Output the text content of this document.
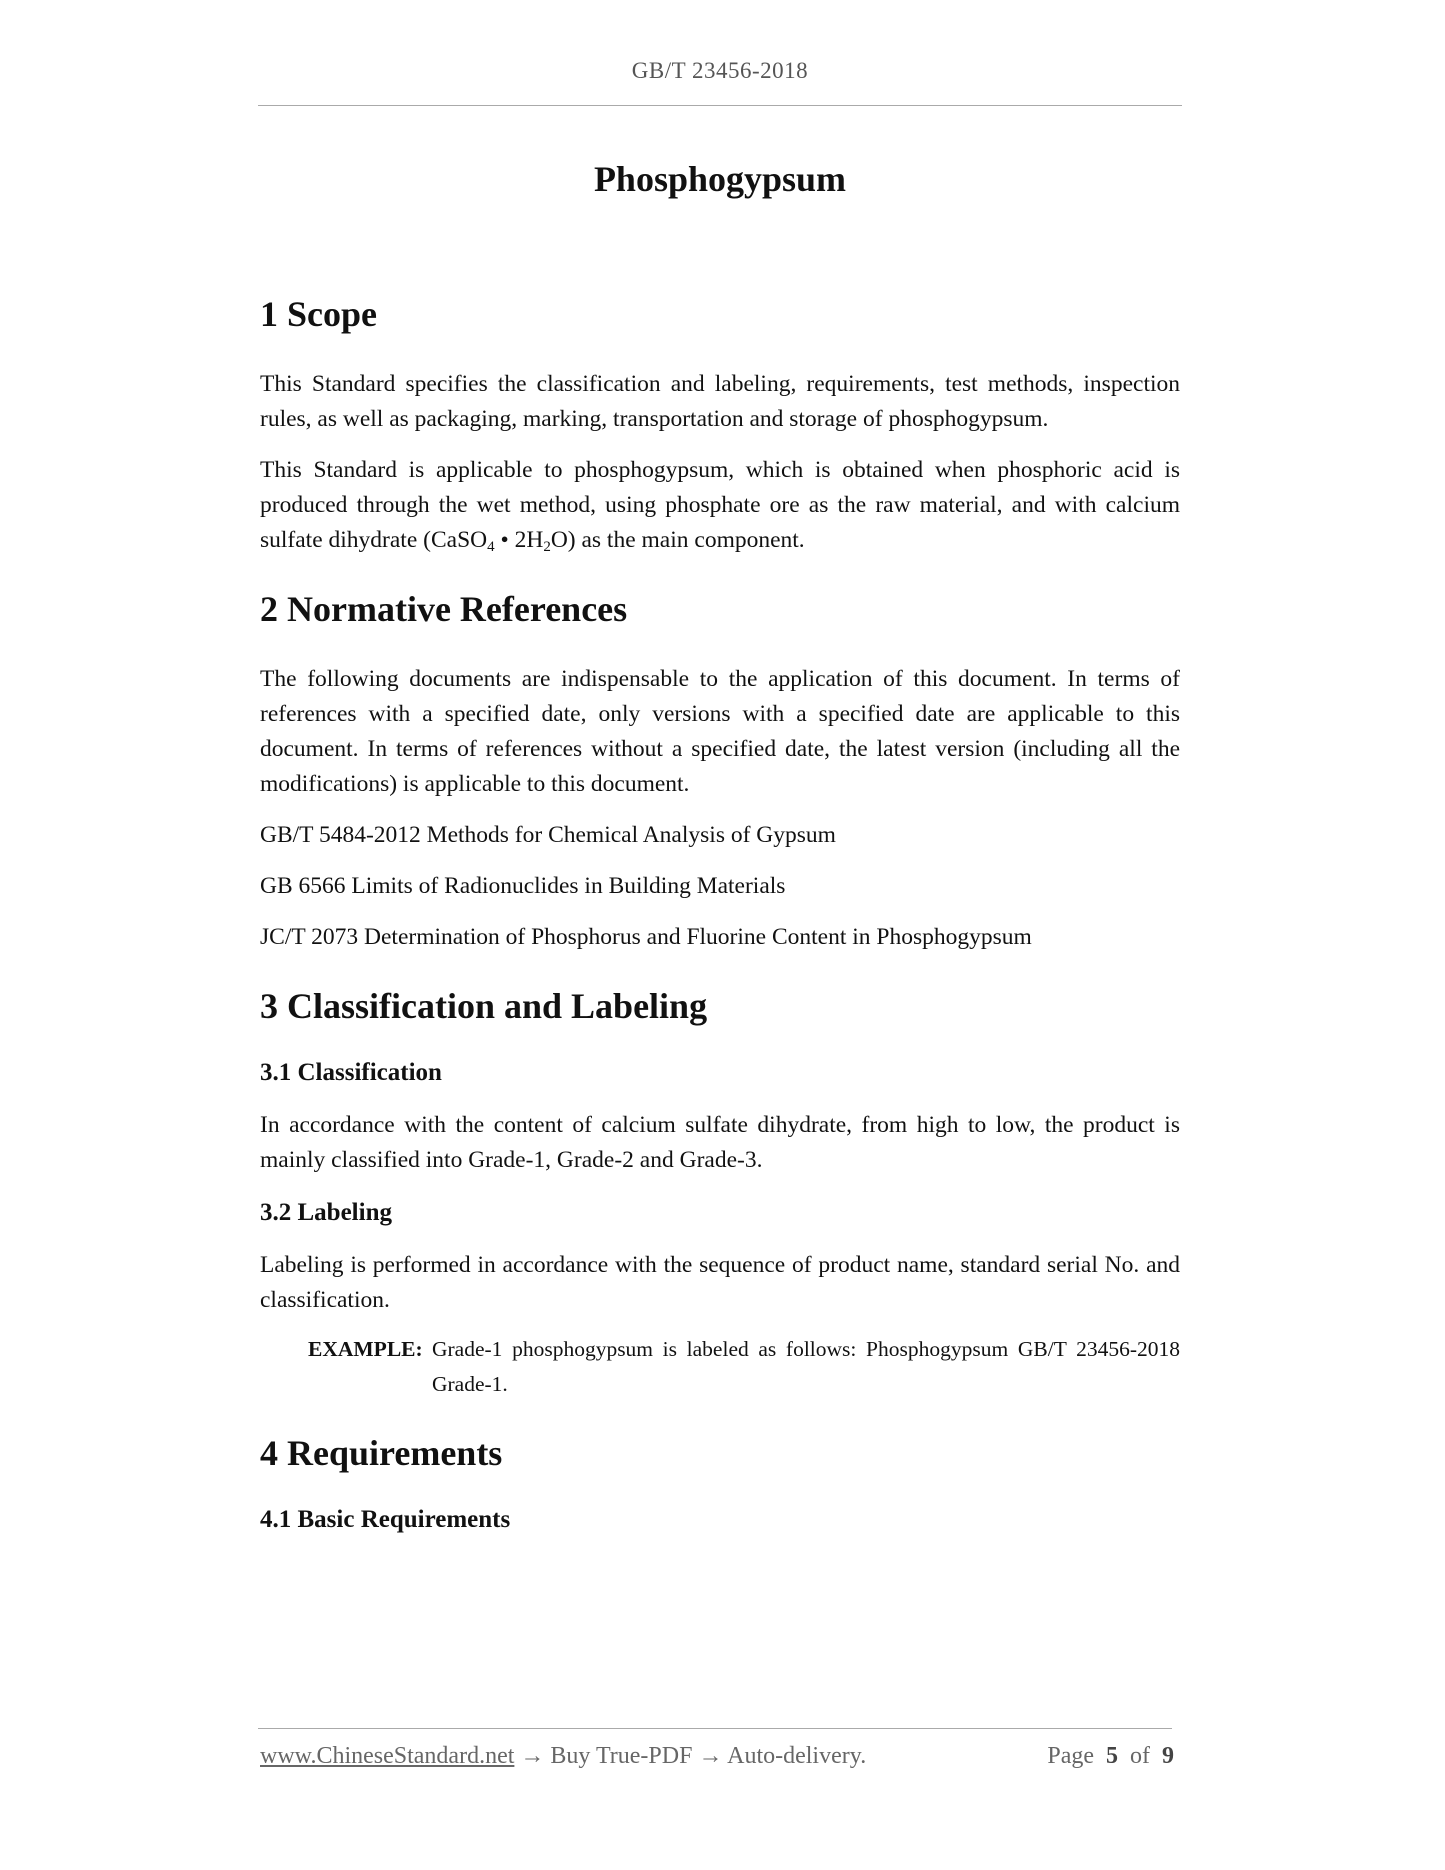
GB/T 23456-2018
Phosphogypsum
1 Scope

This Standard specifies the classification and labeling, requirements, test methods, inspection rules, as well as packaging, marking, transportation and storage of phosphogypsum.

This Standard is applicable to phosphogypsum, which is obtained when phosphoric acid is produced through the wet method, using phosphate ore as the raw material, and with calcium sulfate dihydrate (CaSO$_4$ • $2H_2O$) as the main component.

2 Normative References

The following documents are indispensable to the application of this document. In terms of references with a specified date, only versions with a specified date are applicable to this document. In terms of references without a specified date, the latest version (including all the modifications) is applicable to this document.

GB/T 5484-2012 Methods for Chemical Analysis of Gypsum

GB 6566 Limits of Radionuclides in Building Materials

JC/T 2073 Determination of Phosphorus and Fluorine Content in Phosphogypsum

3 Classification and Labeling
3.1 Classification

In accordance with the content of calcium sulfate dihydrate, from high to low, the product is mainly classified into Grade-1, Grade-2 and Grade-3.

3.2 Labeling

Labeling is performed in accordance with the sequence of product name, standard serial No. and classification.

EXAMPLE: Grade-1 phosphogypsum is labeled as follows: Phosphogypsum GB/T 23456-2018 Grade-1.
4 Requirements
4.1 Basic Requirements
www.ChineseStandard.net → Buy True-PDF → Auto-delivery.	Page 5 of 9
